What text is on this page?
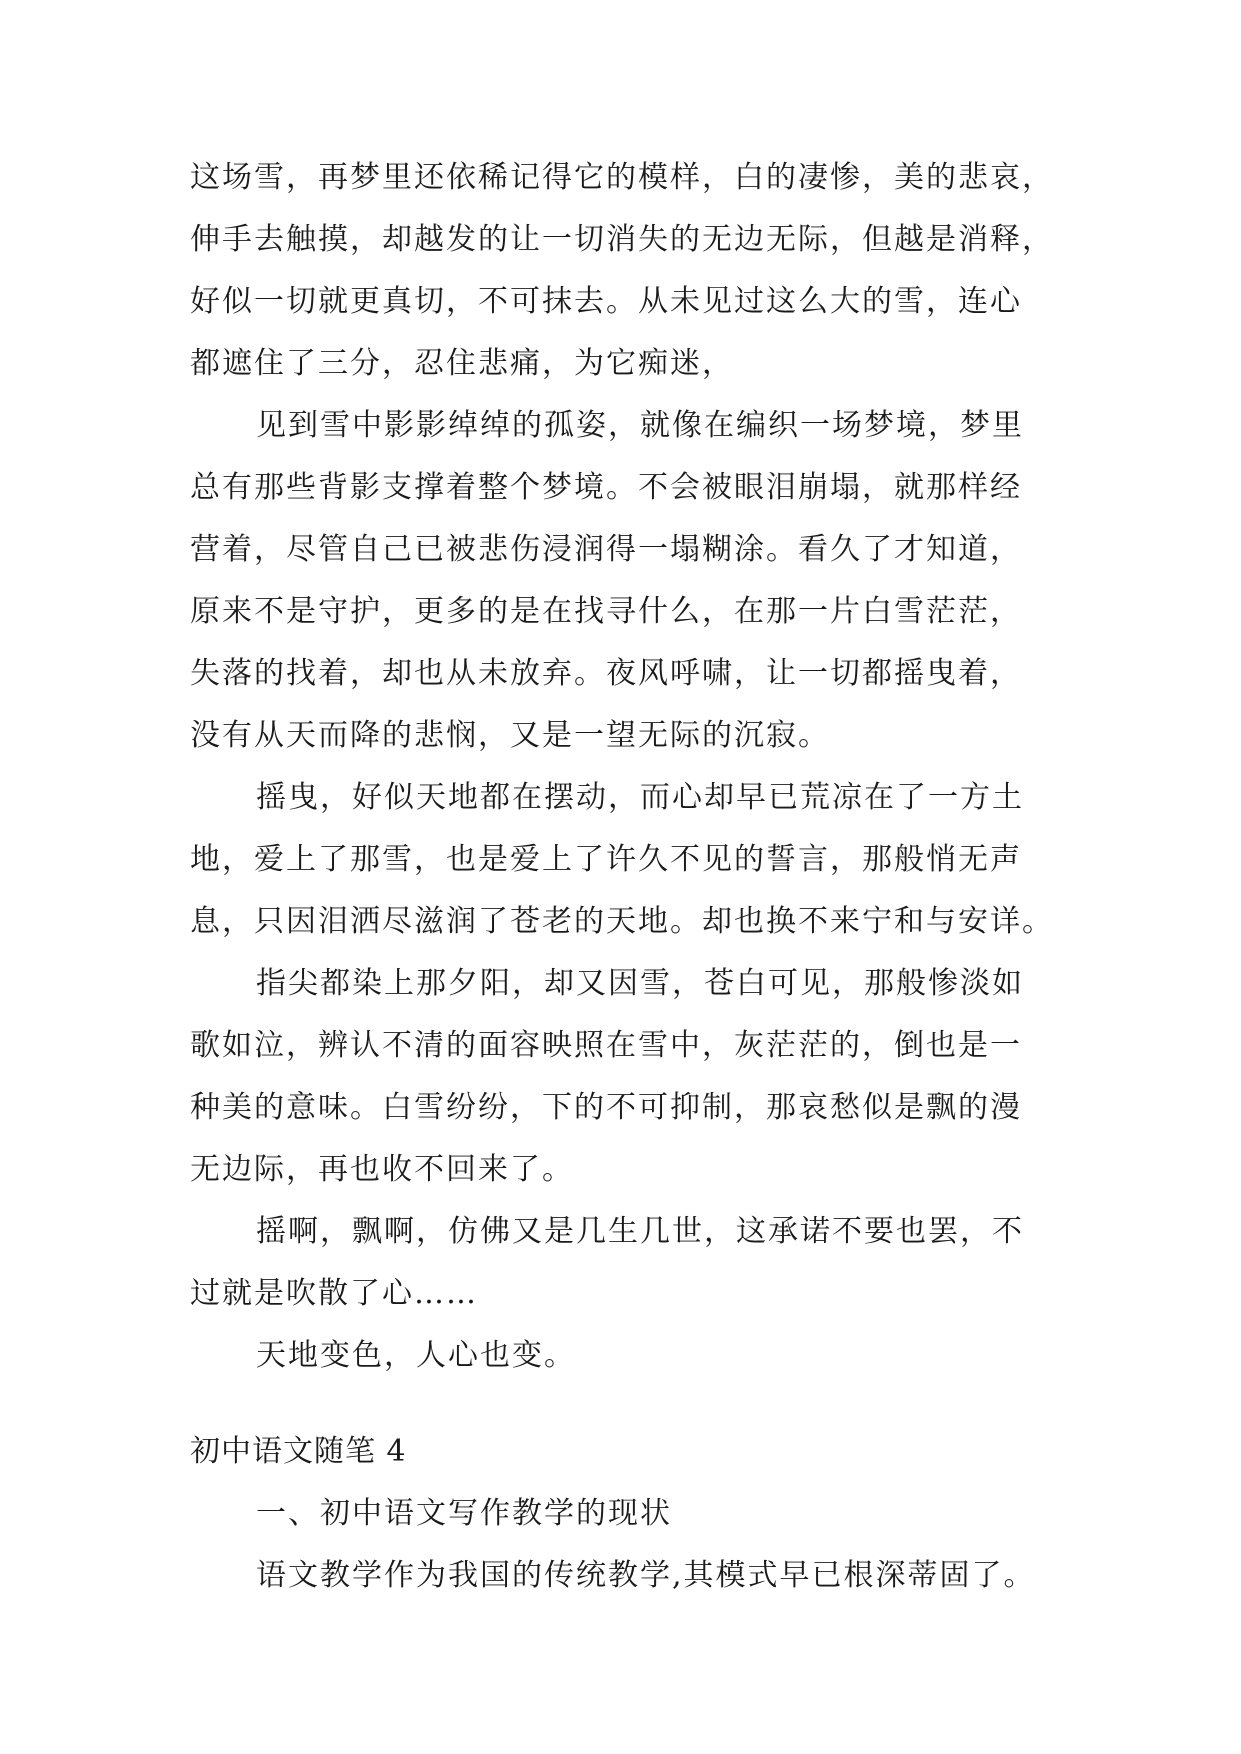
这场雪，再梦里还依稀记得它的模样，白的凄惨，美的悲哀，
伸手去触摸，却越发的让一切消失的无边无际，但越是消释，
好似一切就更真切，不可抹去。从未见过这么大的雪，连心
都遮住了三分，忍住悲痛，为它痴迷，
见到雪中影影绰绰的孤姿，就像在编织一场梦境，梦里
总有那些背影支撑着整个梦境。不会被眼泪崩塌，就那样经
营着，尽管自己已被悲伤浸润得一塌糊涂。看久了才知道，
原来不是守护，更多的是在找寻什么，在那一片白雪茫茫，
失落的找着，却也从未放弃。夜风呼啸，让一切都摇曳着，
没有从天而降的悲悯，又是一望无际的沉寂。
摇曳，好似天地都在摆动，而心却早已荒凉在了一方土
地，爱上了那雪，也是爱上了许久不见的誓言，那般悄无声
息，只因泪洒尽滋润了苍老的天地。却也换不来宁和与安详。
指尖都染上那夕阳，却又因雪，苍白可见，那般惨淡如
歌如泣，辨认不清的面容映照在雪中，灰茫茫的，倒也是一
种美的意味。白雪纷纷，下的不可抑制，那哀愁似是飘的漫
无边际，再也收不回来了。
摇啊，飘啊，仿佛又是几生几世，这承诺不要也罢，不
过就是吹散了心……
天地变色，人心也变。
初中语文随笔 4
一、初中语文写作教学的现状
语文教学作为我国的传统教学,其模式早已根深蒂固了。
